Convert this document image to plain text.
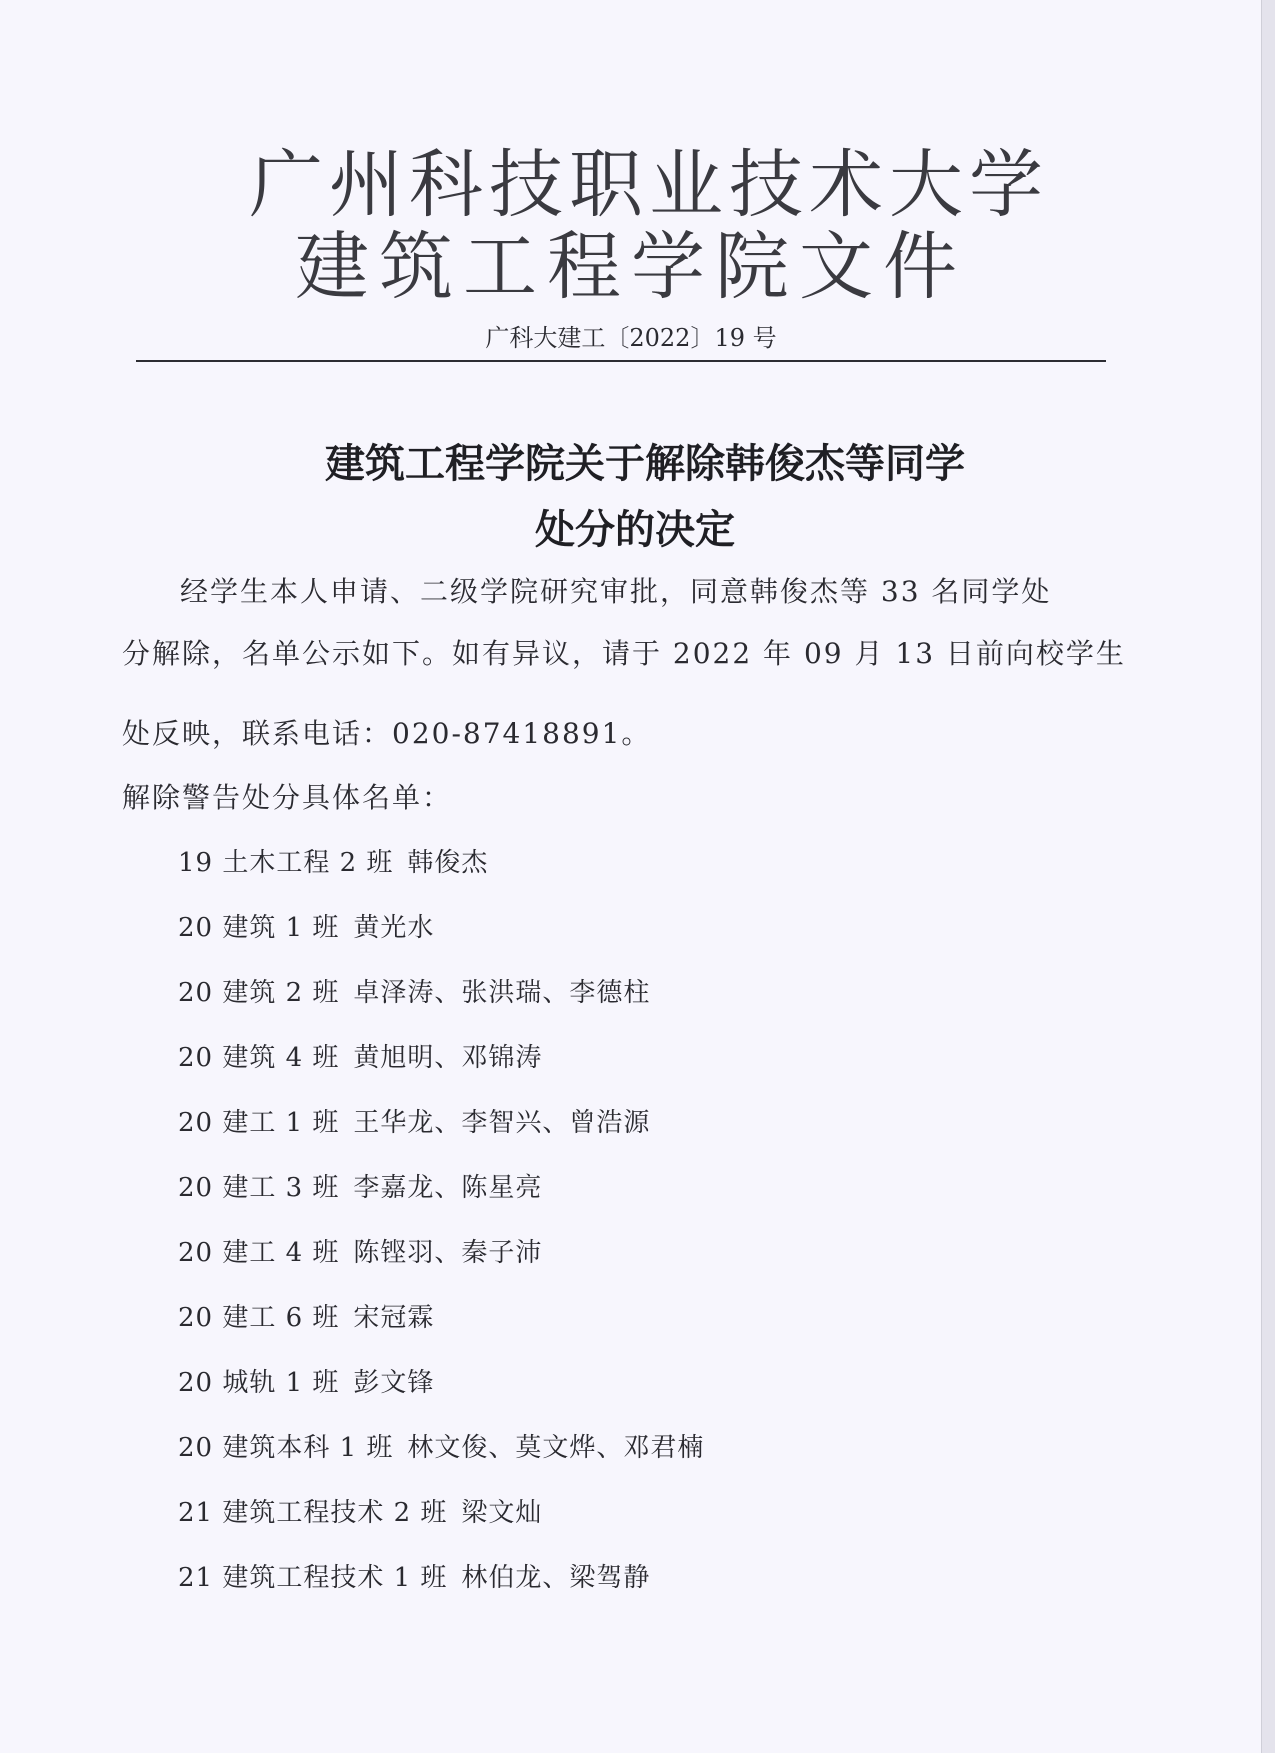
广州科技职业技术大学
建筑工程学院文件
广科大建工〔2022〕19 号
建筑工程学院关于解除韩俊杰等同学
处分的决定
经学生本人申请、二级学院研究审批，同意韩俊杰等 33 名同学处
分解除，名单公示如下。如有异议，请于 2022 年 09 月 13 日前向校学生
处反映，联系电话：020-87418891。
解除警告处分具体名单：
19 土木工程 2 班 韩俊杰
20 建筑 1 班 黄光水
20 建筑 2 班 卓泽涛、张洪瑞、李德柱
20 建筑 4 班 黄旭明、邓锦涛
20 建工 1 班 王华龙、李智兴、曾浩源
20 建工 3 班 李嘉龙、陈星亮
20 建工 4 班 陈铿羽、秦子沛
20 建工 6 班 宋冠霖
20 城轨 1 班 彭文锋
20 建筑本科 1 班 林文俊、莫文烨、邓君楠
21 建筑工程技术 2 班 梁文灿
21 建筑工程技术 1 班 林伯龙、梁驾静
